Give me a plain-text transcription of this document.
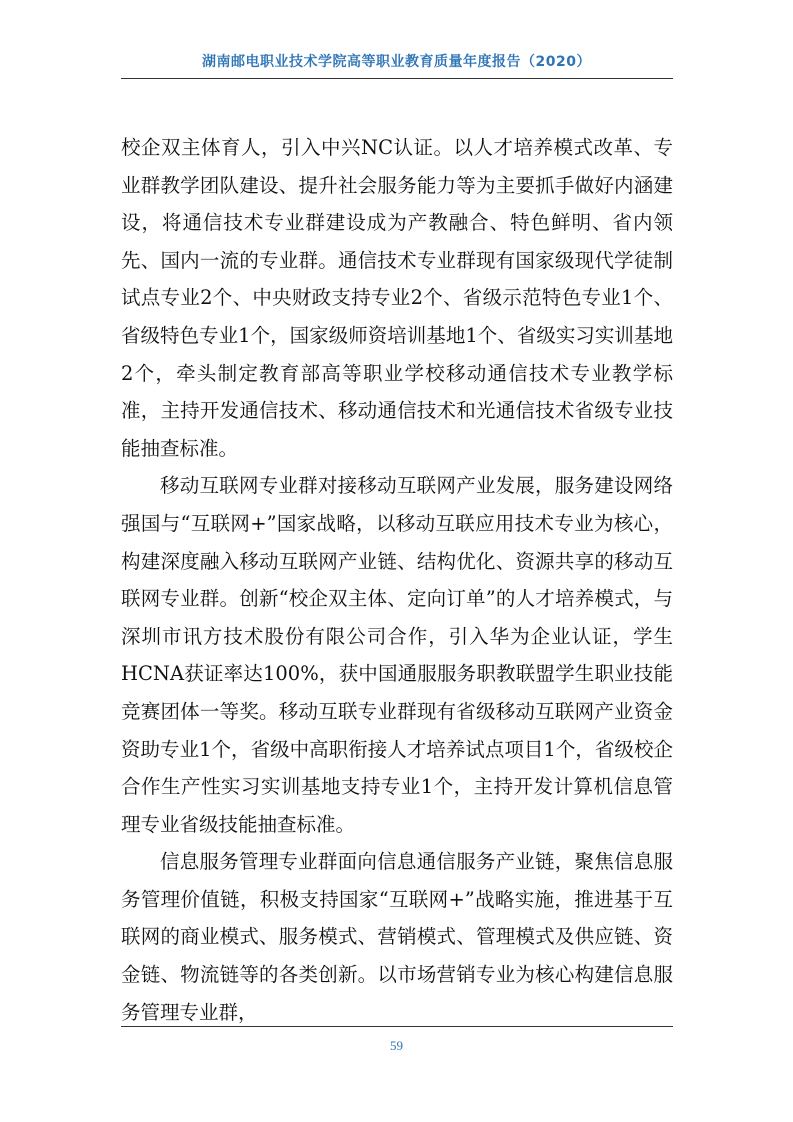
湖南邮电职业技术学院高等职业教育质量年度报告（2020）

校企双主体育人，引入中兴NC认证。以人才培养模式改革、专业群教学团队建设、提升社会服务能力等为主要抓手做好内涵建设，将通信技术专业群建设成为产教融合、特色鲜明、省内领先、国内一流的专业群。通信技术专业群现有国家级现代学徒制试点专业2个、中央财政支持专业2个、省级示范特色专业1个、省级特色专业1个，国家级师资培训基地1个、省级实习实训基地2个，牵头制定教育部高等职业学校移动通信技术专业教学标准，主持开发通信技术、移动通信技术和光通信技术省级专业技能抽查标准。

移动互联网专业群对接移动互联网产业发展，服务建设网络强国与“互联网+”国家战略，以移动互联应用技术专业为核心，构建深度融入移动互联网产业链、结构优化、资源共享的移动互联网专业群。创新“校企双主体、定向订单”的人才培养模式，与深圳市讯方技术股份有限公司合作，引入华为企业认证，学生HCNA获证率达100%，获中国通服服务职教联盟学生职业技能竞赛团体一等奖。移动互联专业群现有省级移动互联网产业资金资助专业1个，省级中高职衔接人才培养试点项目1个，省级校企合作生产性实习实训基地支持专业1个，主持开发计算机信息管理专业省级技能抽查标准。

信息服务管理专业群面向信息通信服务产业链，聚焦信息服务管理价值链，积极支持国家“互联网+”战略实施，推进基于互联网的商业模式、服务模式、营销模式、管理模式及供应链、资金链、物流链等的各类创新。以市场营销专业为核心构建信息服务管理专业群，

59
